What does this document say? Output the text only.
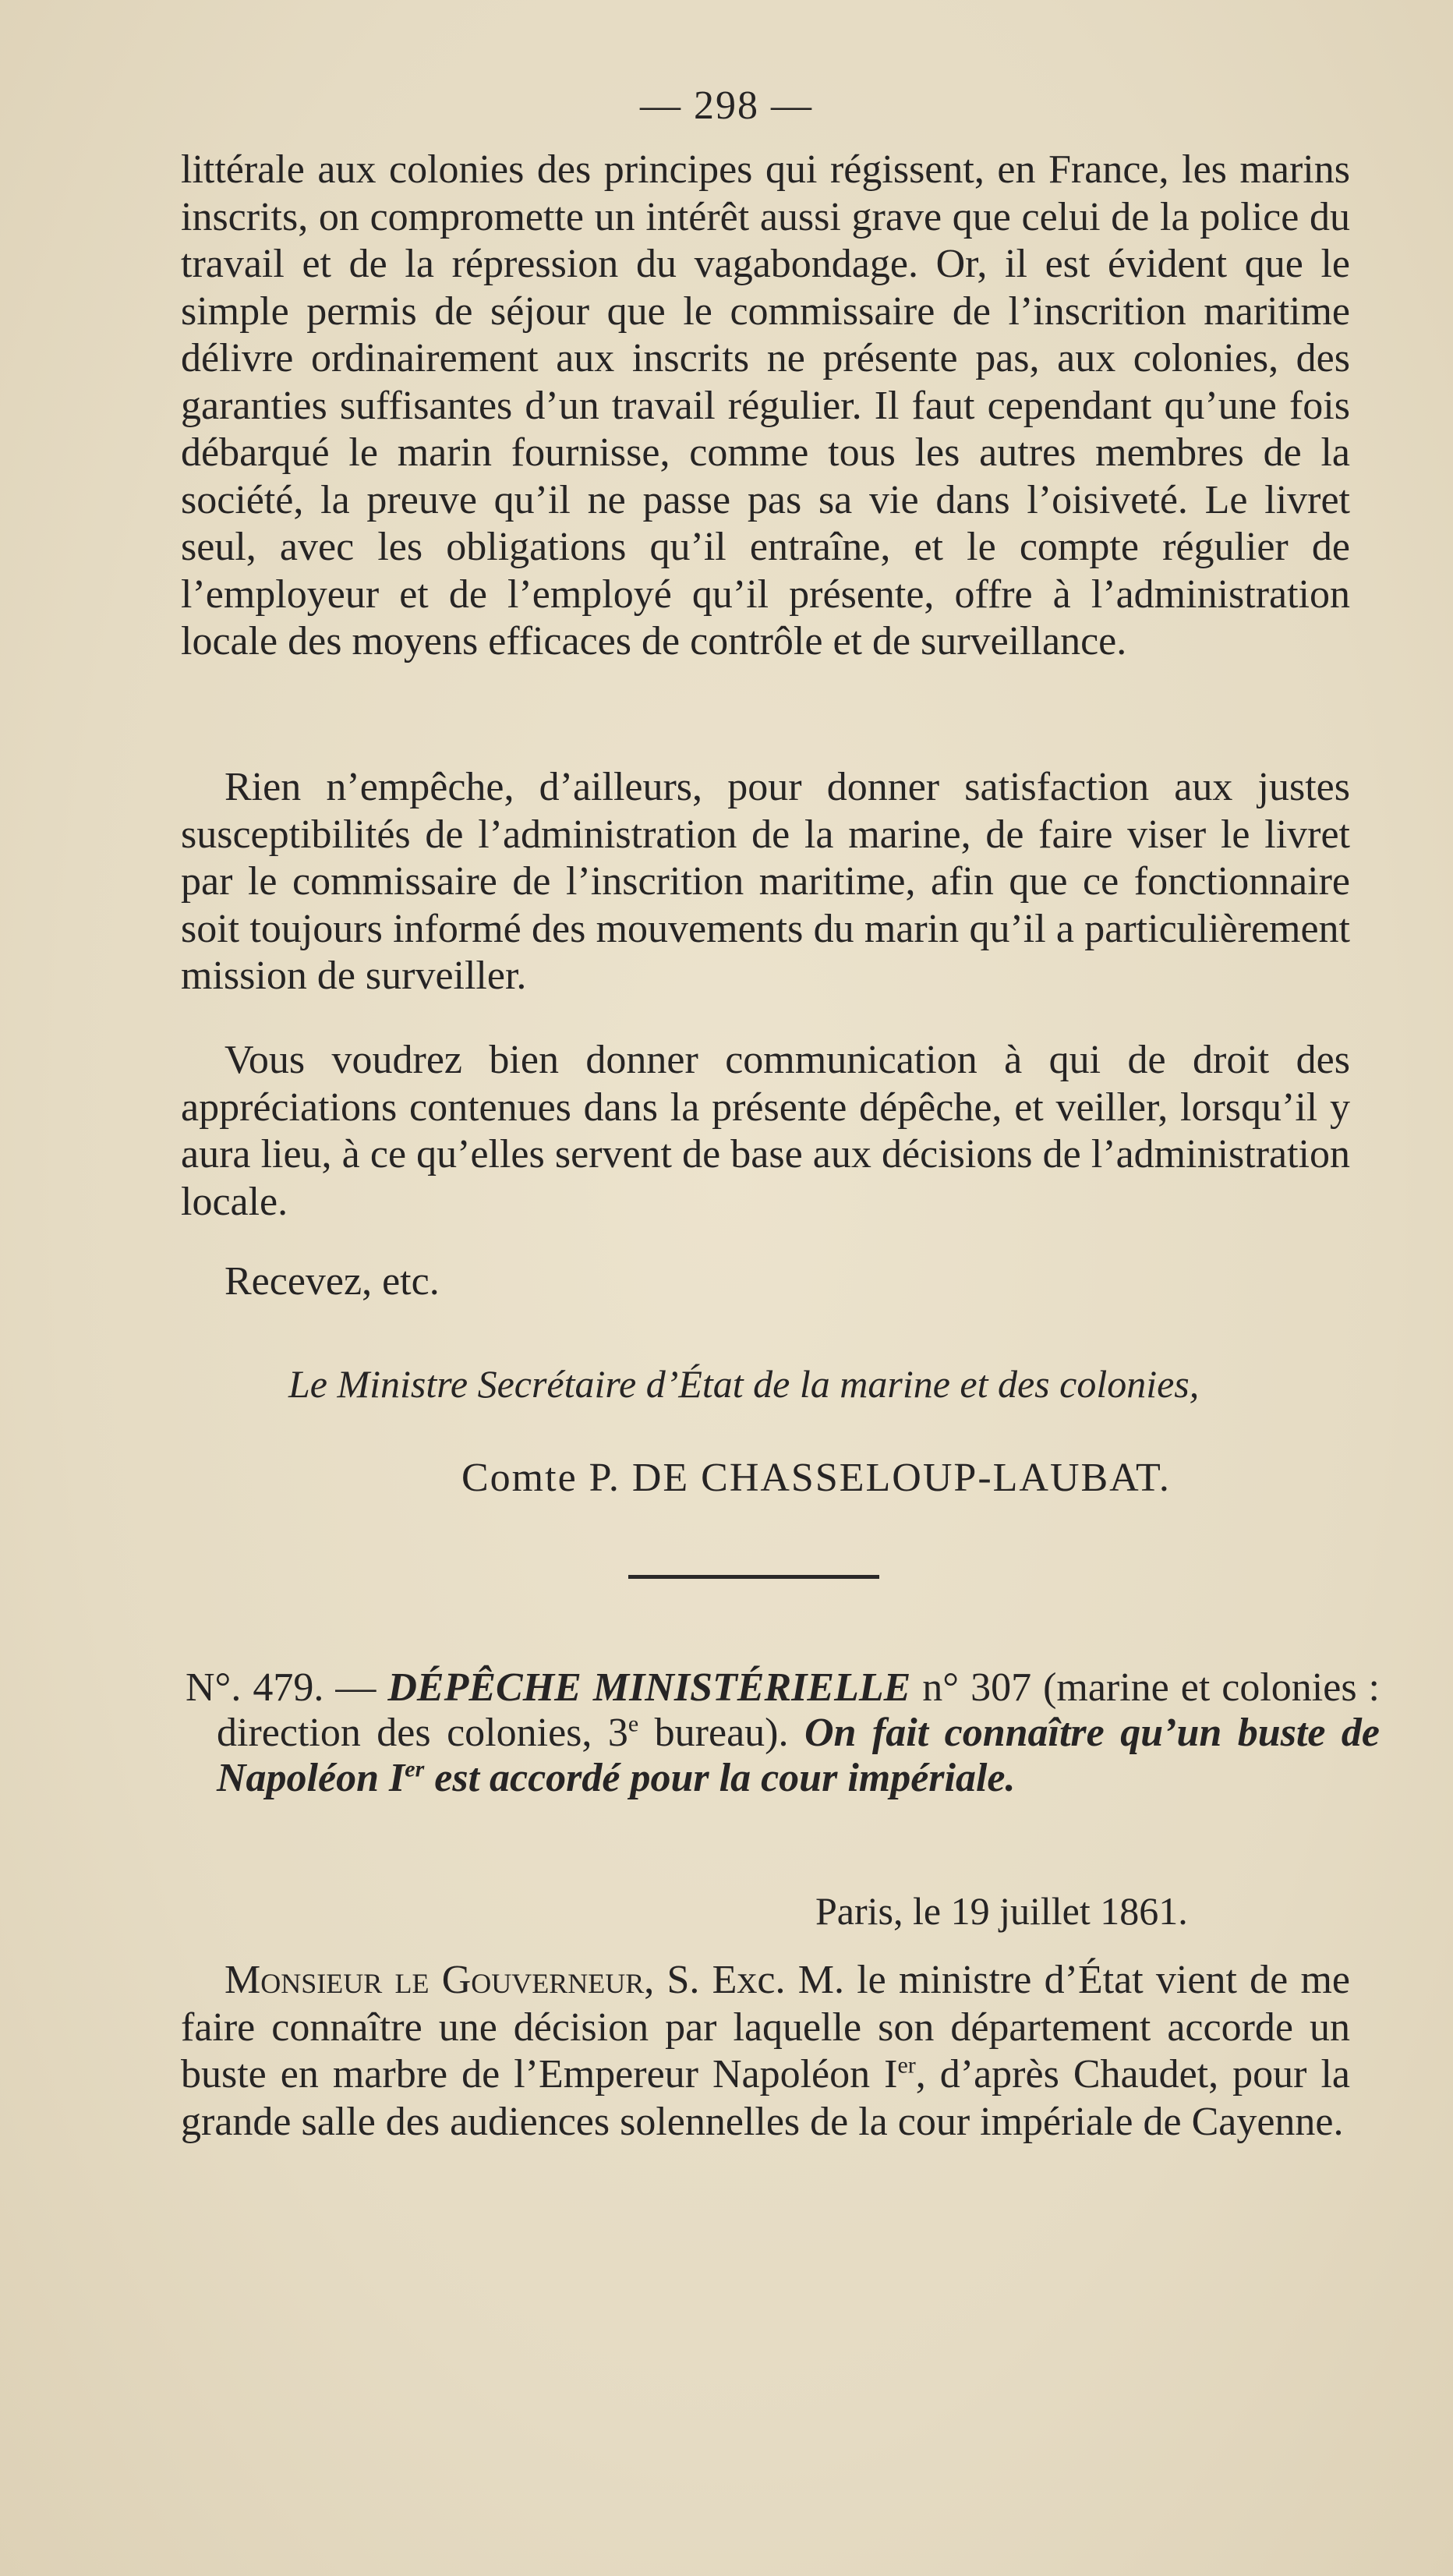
— 298 —

littérale aux colonies des principes qui régissent, en France, les marins inscrits, on compromette un intérêt aussi grave que celui de la police du travail et de la répression du vagabondage. Or, il est évident que le simple permis de séjour que le commissaire de l’inscrition maritime délivre ordinairement aux inscrits ne présente pas, aux colonies, des garanties suffisantes d’un travail régulier. Il faut cependant qu’une fois débarqué le marin fournisse, comme tous les autres membres de la société, la preuve qu’il ne passe pas sa vie dans l’oisiveté. Le livret seul, avec les obligations qu’il entraîne, et le compte régulier de l’employeur et de l’employé qu’il présente, offre à l’administration locale des moyens efficaces de contrôle et de surveillance.

Rien n’empêche, d’ailleurs, pour donner satisfaction aux justes susceptibilités de l’administration de la marine, de faire viser le livret par le commissaire de l’inscrition maritime, afin que ce fonctionnaire soit toujours informé des mouvements du marin qu’il a particulièrement mission de surveiller.

Vous voudrez bien donner communication à qui de droit des appréciations contenues dans la présente dépêche, et veiller, lorsqu’il y aura lieu, à ce qu’elles servent de base aux décisions de l’administration locale.

Recevez, etc.

Le Ministre Secrétaire d’État de la marine et des colonies,
Comte P. DE CHASSELOUP-LAUBAT.
N°. 479. — DÉPÊCHE MINISTÉRIELLE n° 307 (marine et colonies : direction des colonies, 3e bureau). On fait connaître qu’un buste de Napoléon Ier est accordé pour la cour impériale.
Paris, le 19 juillet 1861.

Monsieur le Gouverneur, S. Exc. M. le ministre d’État vient de me faire connaître une décision par laquelle son département accorde un buste en marbre de l’Empereur Napoléon Ier, d’après Chaudet, pour la grande salle des audiences solennelles de la cour impériale de Cayenne.
